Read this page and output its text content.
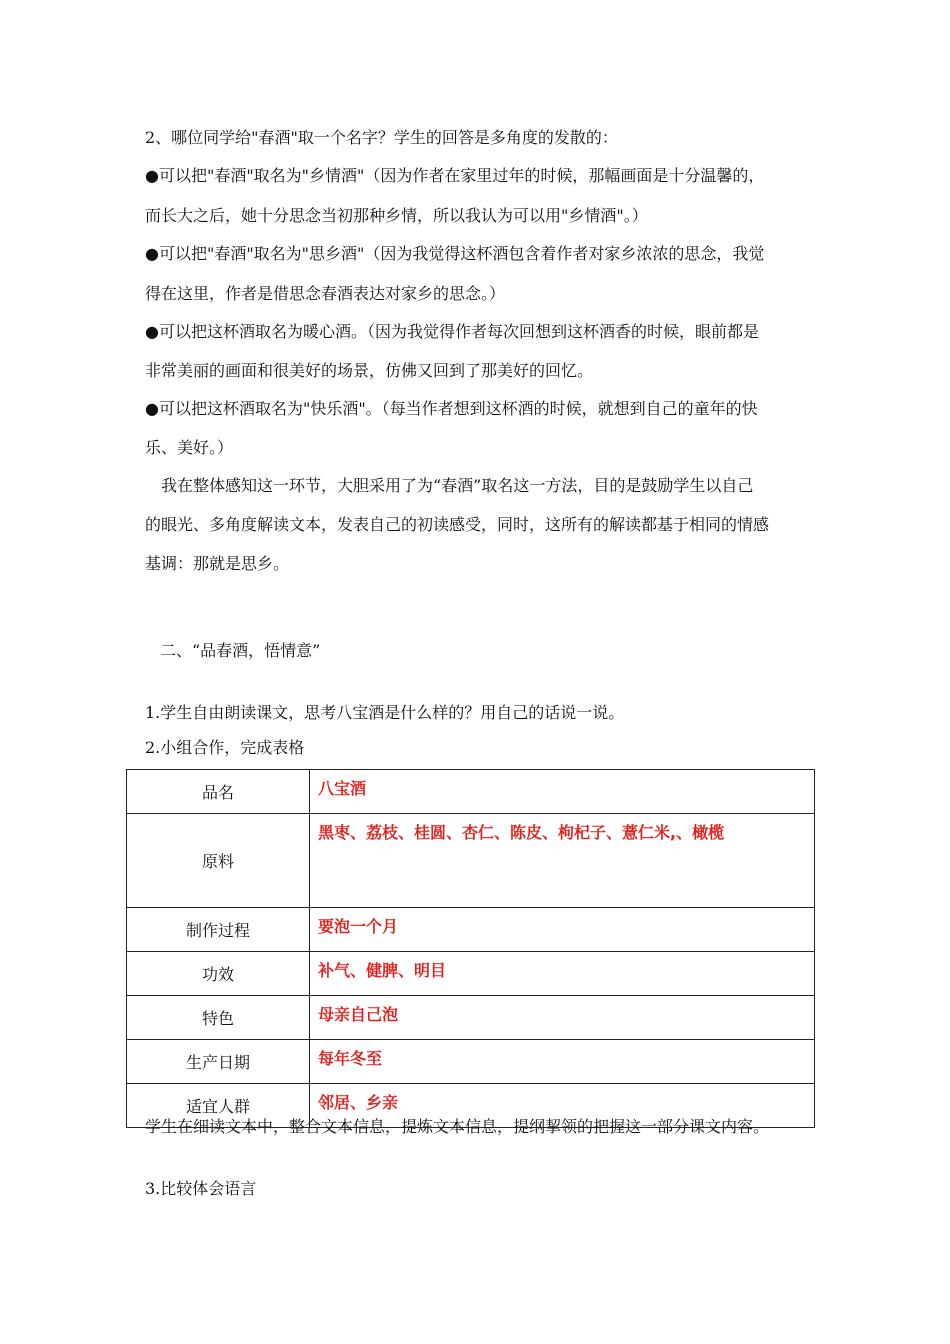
2、哪位同学给"春酒"取一个名字？学生的回答是多角度的发散的：
●可以把"春酒"取名为"乡情酒"（因为作者在家里过年的时候，那幅画面是十分温馨的，
而长大之后，她十分思念当初那种乡情，所以我认为可以用"乡情酒"。）
●可以把"春酒"取名为"思乡酒"（因为我觉得这杯酒包含着作者对家乡浓浓的思念，我觉
得在这里，作者是借思念春酒表达对家乡的思念。）
●可以把这杯酒取名为暖心酒。（因为我觉得作者每次回想到这杯酒香的时候，眼前都是
非常美丽的画面和很美好的场景，仿佛又回到了那美好的回忆。
●可以把这杯酒取名为"快乐酒"。（每当作者想到这杯酒的时候，就想到自己的童年的快
乐、美好。）
　我在整体感知这一环节，大胆采用了为“春酒”取名这一方法，目的是鼓励学生以自己
的眼光、多角度解读文本，发表自己的初读感受，同时，这所有的解读都基于相同的情感
基调：那就是思乡。
二、“品春酒，悟情意”
1.学生自由朗读课文，思考八宝酒是什么样的？用自己的话说一说。
2.小组合作，完成表格
品名	八宝酒
原料	黑枣、荔枝、桂圆、杏仁、陈皮、枸杞子、薏仁米,、橄榄
制作过程	要泡一个月
功效	补气、健脾、明目
特色	母亲自己泡
生产日期	每年冬至
适宜人群	邻居、乡亲
学生在细读文本中，整合文本信息，提炼文本信息，提纲挈领的把握这一部分课文内容。
3.比较体会语言
